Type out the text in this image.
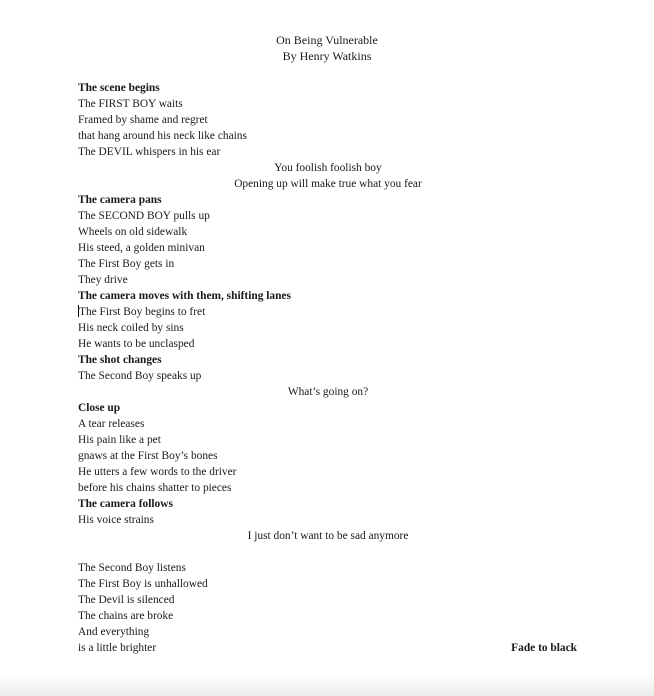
On Being Vulnerable
By Henry Watkins
The scene begins
The FIRST BOY waits
Framed by shame and regret
that hang around his neck like chains
The DEVIL whispers in his ear
You foolish foolish boy
Opening up will make true what you fear
The camera pans
The SECOND BOY pulls up
Wheels on old sidewalk
His steed, a golden minivan
The First Boy gets in
They drive
The camera moves with them, shifting lanes
The First Boy begins to fret
His neck coiled by sins
He wants to be unclasped
The shot changes
The Second Boy speaks up
What’s going on?
Close up
A tear releases
His pain like a pet
gnaws at the First Boy’s bones
He utters a few words to the driver
before his chains shatter to pieces
The camera follows
His voice strains
I just don’t want to be sad anymore
The Second Boy listens
The First Boy is unhallowed
The Devil is silenced
The chains are broke
And everything
is a little brighter	Fade to black
